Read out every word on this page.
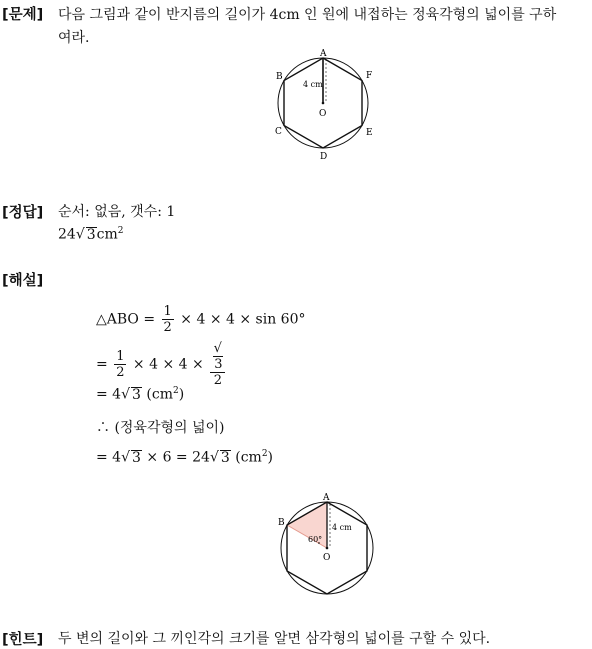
[문제] 다음 그림과 같이 반지름의 길이가 4cm 인 원에 내접하는 정육각형의 넓이를 구하
여라.
A
F
E
D
C
B
O
4 cm
[정답] 순서: 없음, 갯수: 1
24√ $3cm^2$
[해설]
△ABO = $\frac{1}{2} \times 4 \times 4 \times \sin 60^\circ$
= $\frac{1}{2} \times 4 \times 4$ × √
3
2
= 4√ 3 $(cm^2)$
∴ (정육각형의 넓이)
= 4√ 3 × 6 = 24√ 3 $(cm^2)$
A
B
O
4 cm
60°
[힌트] 두 변의 길이와 그 끼인각의 크기를 알면 삼각형의 넓이를 구할 수 있다.
